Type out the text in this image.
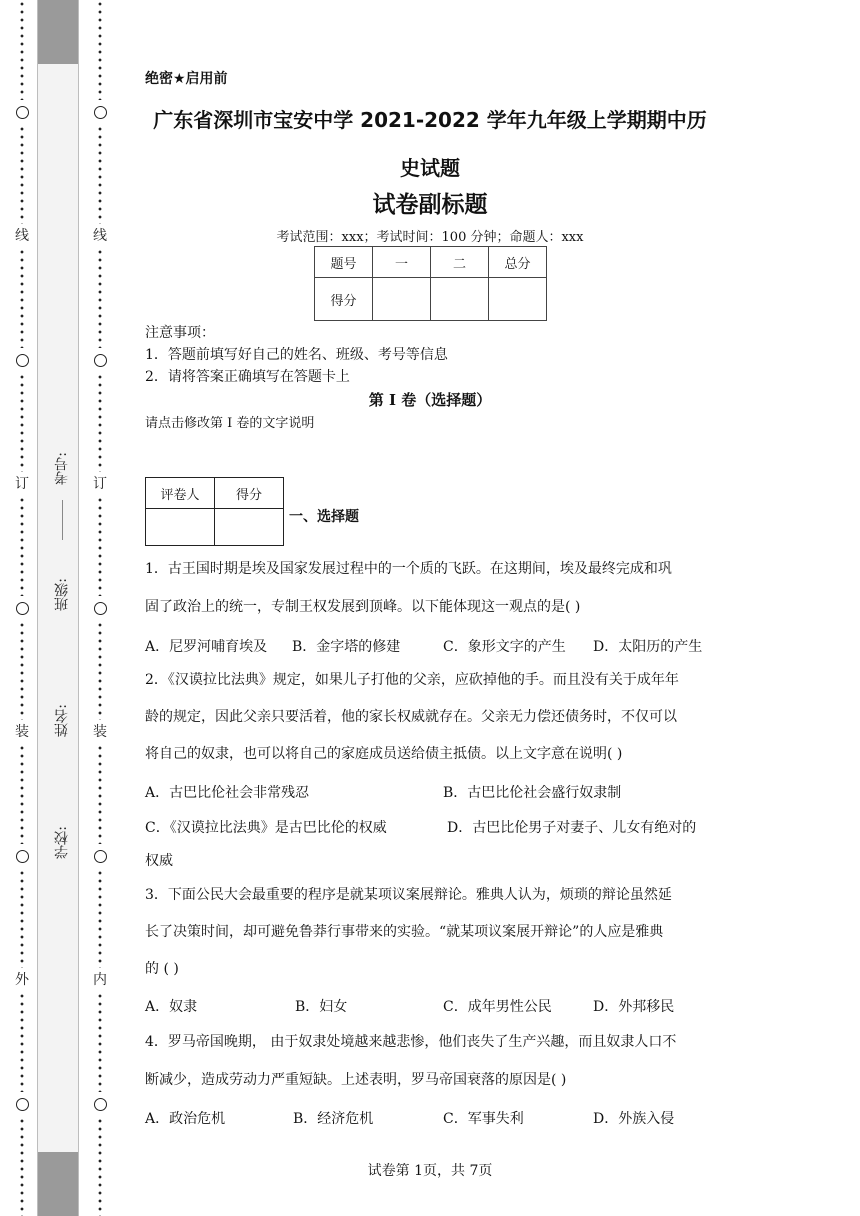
线
订
装
外
线
订
装
内
考号:
班级:
姓名:
学校:
绝密★启用前
广东省深圳市宝安中学 2021-2022 学年九年级上学期期中历
史试题
试卷副标题
考试范围：xxx；考试时间：100 分钟；命题人：xxx
题号	一	二	总分
得分			
注意事项：
1．答题前填写好自己的姓名、班级、考号等信息
2．请将答案正确填写在答题卡上
第 I 卷（选择题）
请点击修改第 I 卷的文字说明
评卷人	得分

一、选择题
1．古王国时期是埃及国家发展过程中的一个质的飞跃。在这期间，埃及最终完成和巩
固了政治上的统一，专制王权发展到顶峰。以下能体现这一观点的是( )
A．尼罗河哺育埃及 B．金字塔的修建	C．象形文字的产生 D．太阳历的产生
2．《汉谟拉比法典》规定，如果儿子打他的父亲，应砍掉他的手。而且没有关于成年年
龄的规定，因此父亲只要活着，他的家长权威就存在。父亲无力偿还债务时，不仅可以
将自己的奴隶，也可以将自己的家庭成员送给债主抵债。以上文字意在说明( )
A．古巴比伦社会非常残忍	B．古巴比伦社会盛行奴隶制
C．《汉谟拉比法典》是古巴比伦的权威	D．古巴比伦男子对妻子、儿女有绝对的
权威
3．下面公民大会最重要的程序是就某项议案展辩论。雅典人认为，烦琐的辩论虽然延
长了决策时间，却可避免鲁莽行事带来的实验。“就某项议案展开辩论”的人应是雅典
的 ( )
A．奴隶	B．妇女	C．成年男性公民	D．外邦移民
4．罗马帝国晚期， 由于奴隶处境越来越悲惨，他们丧失了生产兴趣，而且奴隶人口不
断减少，造成劳动力严重短缺。上述表明，罗马帝国衰落的原因是( )
A．政治危机	B．经济危机	C．军事失利	D．外族入侵
试卷第 1页，共 7页
